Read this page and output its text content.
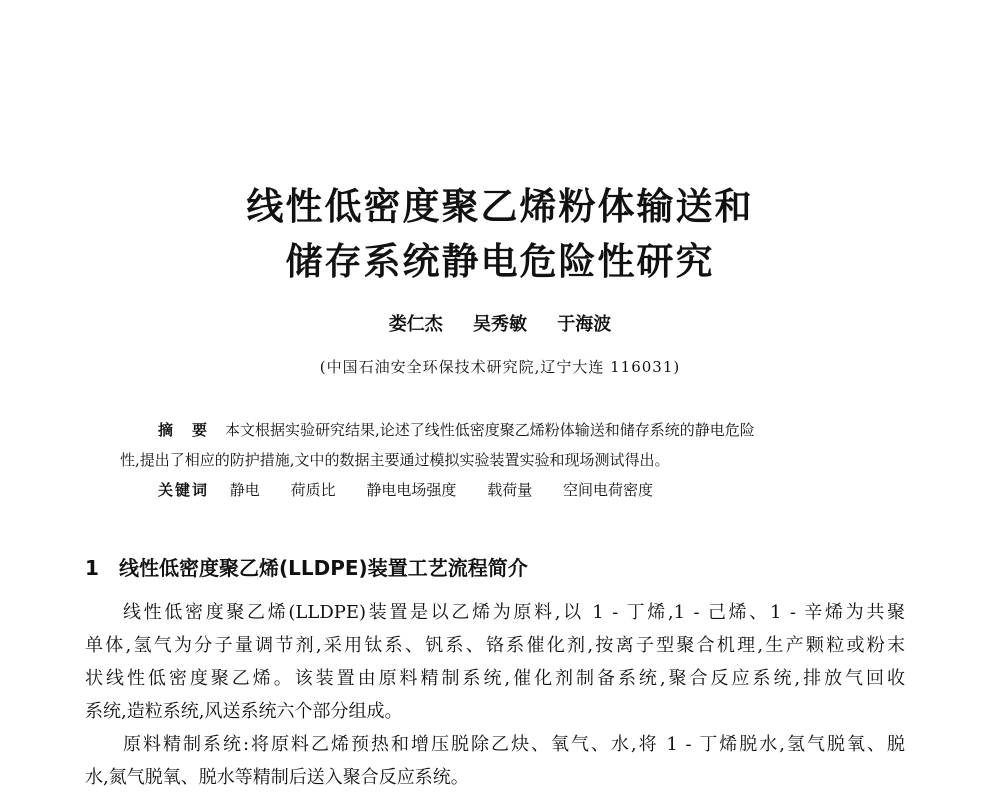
线性低密度聚乙烯粉体输送和
储存系统静电危险性研究
娄仁杰 吴秀敏 于海波
(中国石油安全环保技术研究院,辽宁大连 116031)
摘　要 本文根据实验研究结果,论述了线性低密度聚乙烯粉体输送和储存系统的静电危险
性,提出了相应的防护措施,文中的数据主要通过模拟实验装置实验和现场测试得出。
关键词 静电 荷质比 静电电场强度 载荷量 空间电荷密度
1 线性低密度聚乙烯(LLDPE)装置工艺流程简介
线性低密度聚乙烯(LLDPE)装置是以乙烯为原料,以 1 - 丁烯,1 - 己烯、1 - 辛烯为共聚
单体,氢气为分子量调节剂,采用钛系、钒系、铬系催化剂,按离子型聚合机理,生产颗粒或粉末
状线性低密度聚乙烯。该装置由原料精制系统,催化剂制备系统,聚合反应系统,排放气回收
系统,造粒系统,风送系统六个部分组成。
原料精制系统:将原料乙烯预热和增压脱除乙炔、氧气、水,将 1 - 丁烯脱水,氢气脱氧、脱
水,氮气脱氧、脱水等精制后送入聚合反应系统。
